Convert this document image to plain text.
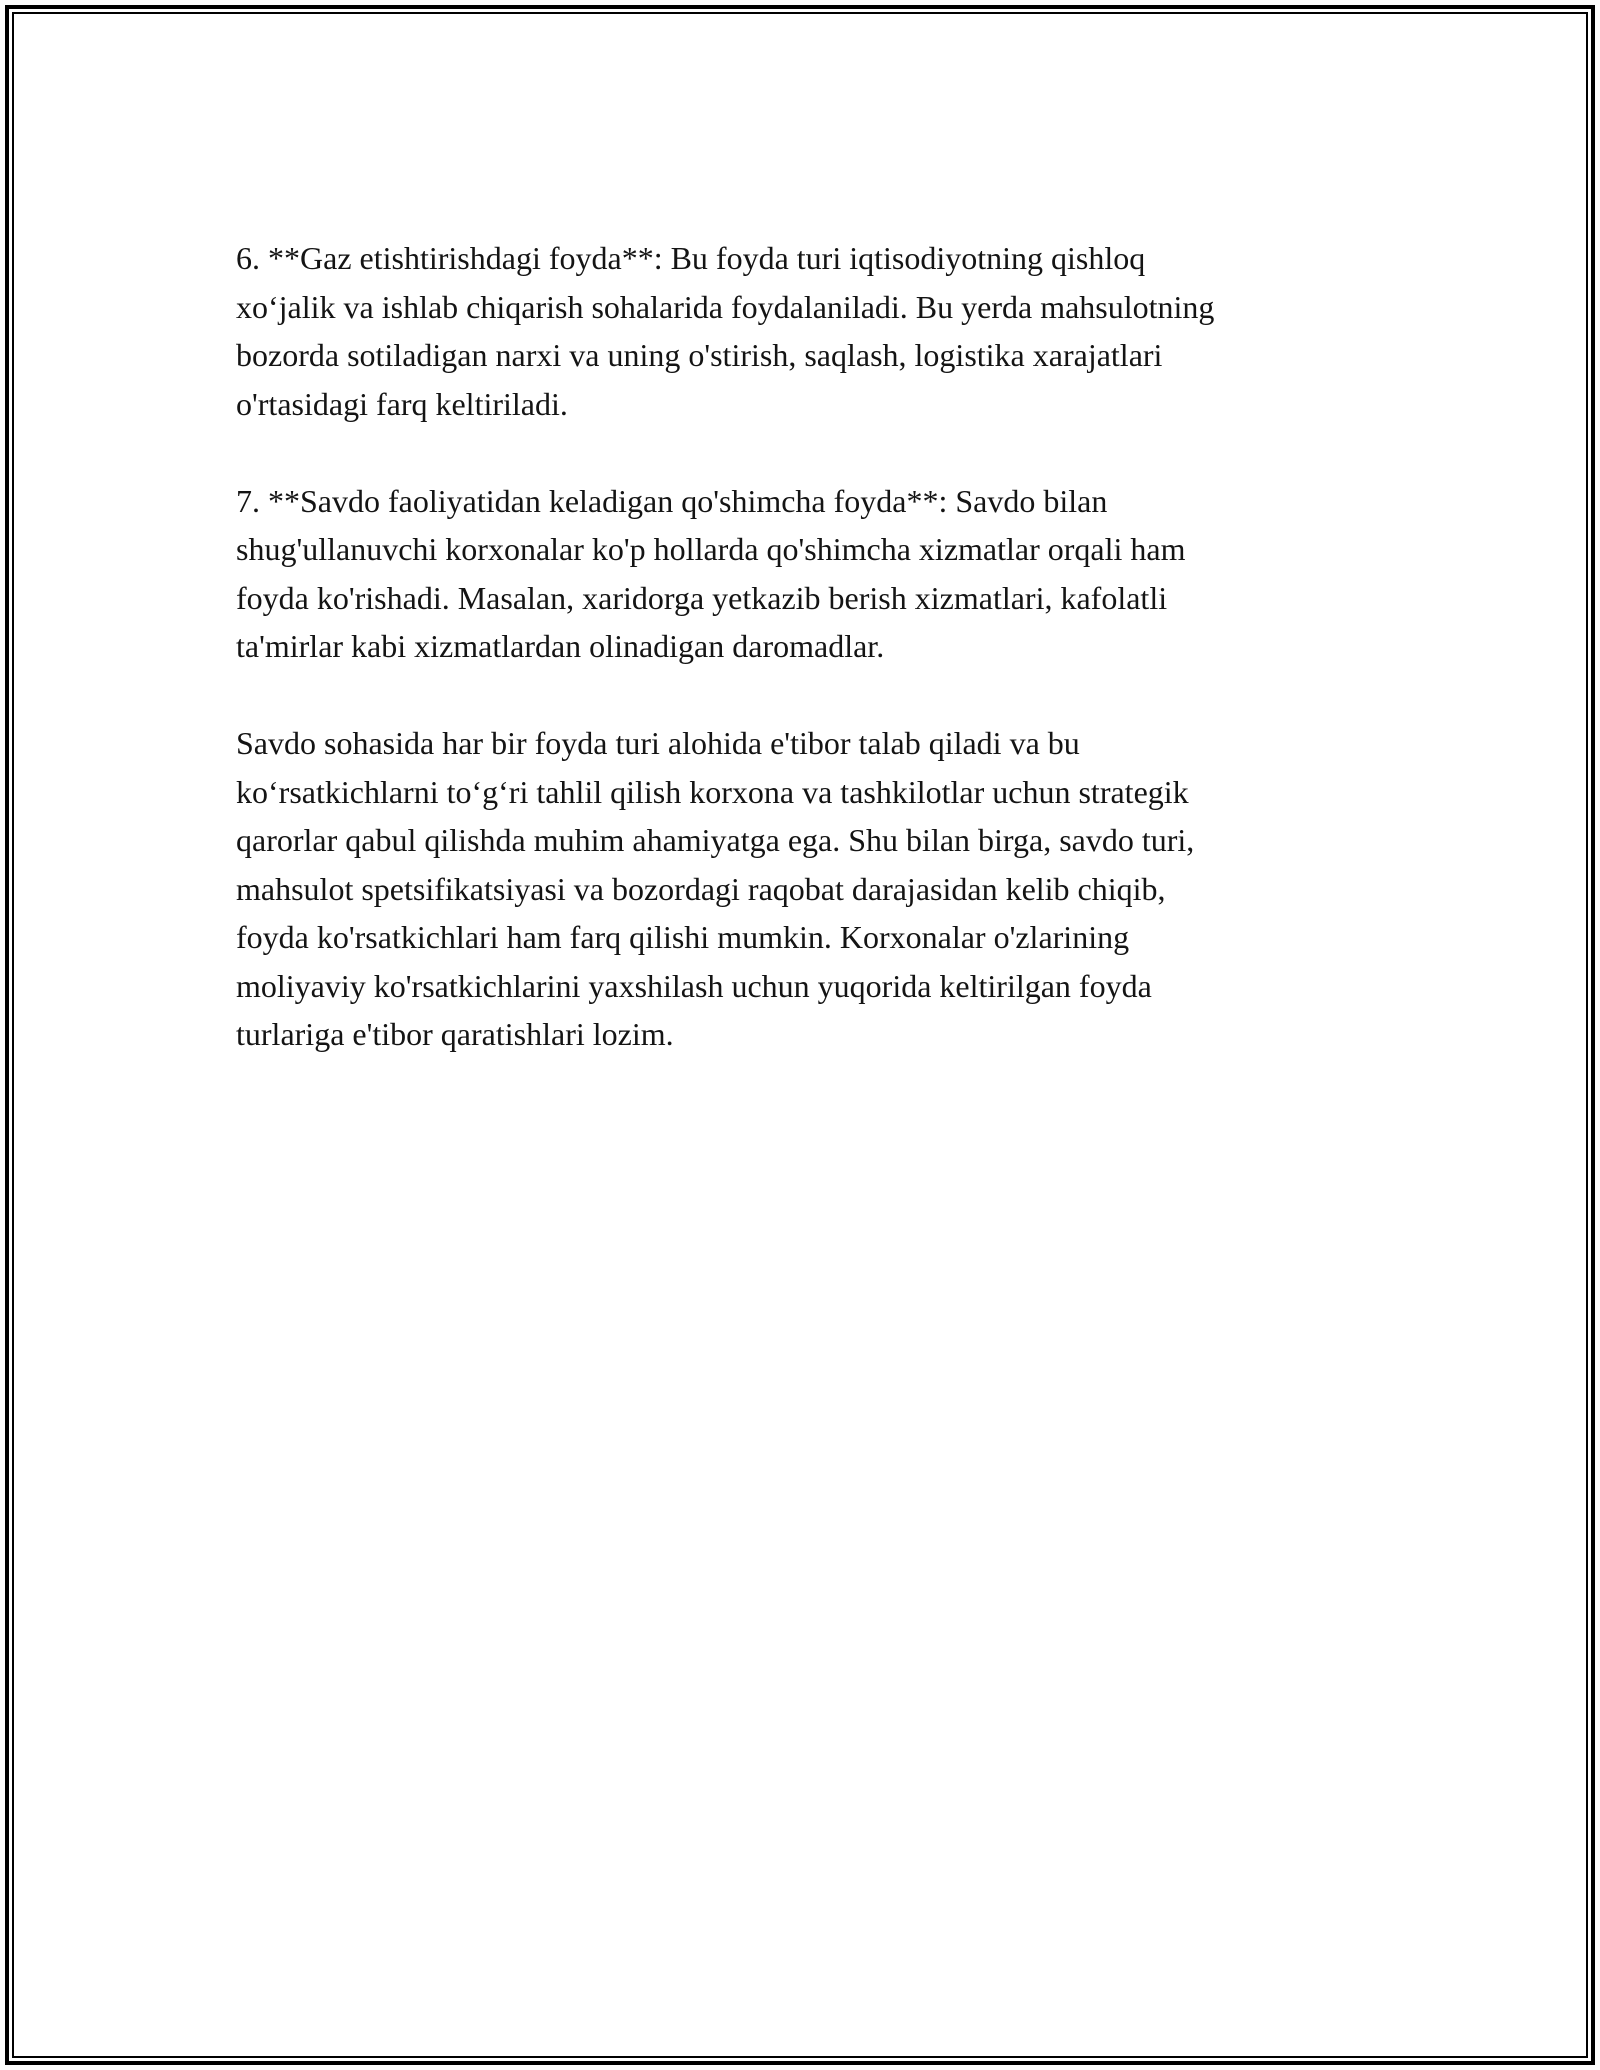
6. **Gaz etishtirishdagi foyda**: Bu foyda turi iqtisodiyotning qishloq
xo‘jalik va ishlab chiqarish sohalarida foydalaniladi. Bu yerda mahsulotning
bozorda sotiladigan narxi va uning o'stirish, saqlash, logistika xarajatlari
o'rtasidagi farq keltiriladi.

7. **Savdo faoliyatidan keladigan qo'shimcha foyda**: Savdo bilan
shug'ullanuvchi korxonalar ko'p hollarda qo'shimcha xizmatlar orqali ham
foyda ko'rishadi. Masalan, xaridorga yetkazib berish xizmatlari, kafolatli
ta'mirlar kabi xizmatlardan olinadigan daromadlar.

Savdo sohasida har bir foyda turi alohida e'tibor talab qiladi va bu
ko‘rsatkichlarni to‘g‘ri tahlil qilish korxona va tashkilotlar uchun strategik
qarorlar qabul qilishda muhim ahamiyatga ega. Shu bilan birga, savdo turi,
mahsulot spetsifikatsiyasi va bozordagi raqobat darajasidan kelib chiqib,
foyda ko'rsatkichlari ham farq qilishi mumkin. Korxonalar o'zlarining
moliyaviy ko'rsatkichlarini yaxshilash uchun yuqorida keltirilgan foyda
turlariga e'tibor qaratishlari lozim.
